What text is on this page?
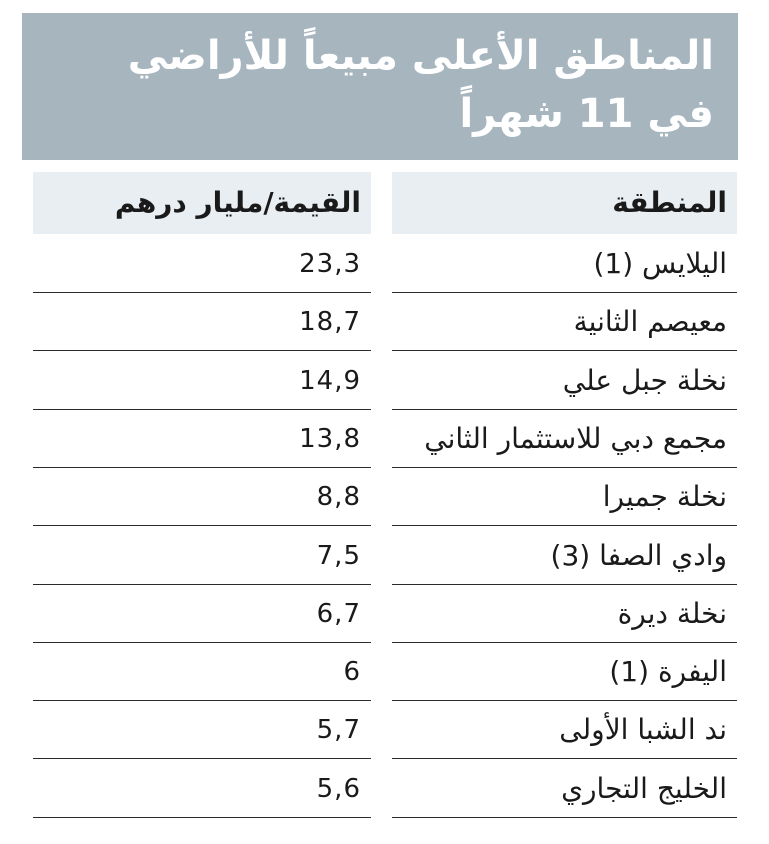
المناطق الأعلى مبيعاً للأراضي
في 11 شهراً
المنطقة
القيمة/مليار درهم
اليلايس (1)
23,3
معيصم الثانية
18,7
نخلة جبل علي
14,9
مجمع دبي للاستثمار الثاني
13,8
نخلة جميرا
8,8
وادي الصفا (3)
7,5
نخلة ديرة
6,7
اليفرة (1)
6
ند الشبا الأولى
5,7
الخليج التجاري
5,6
